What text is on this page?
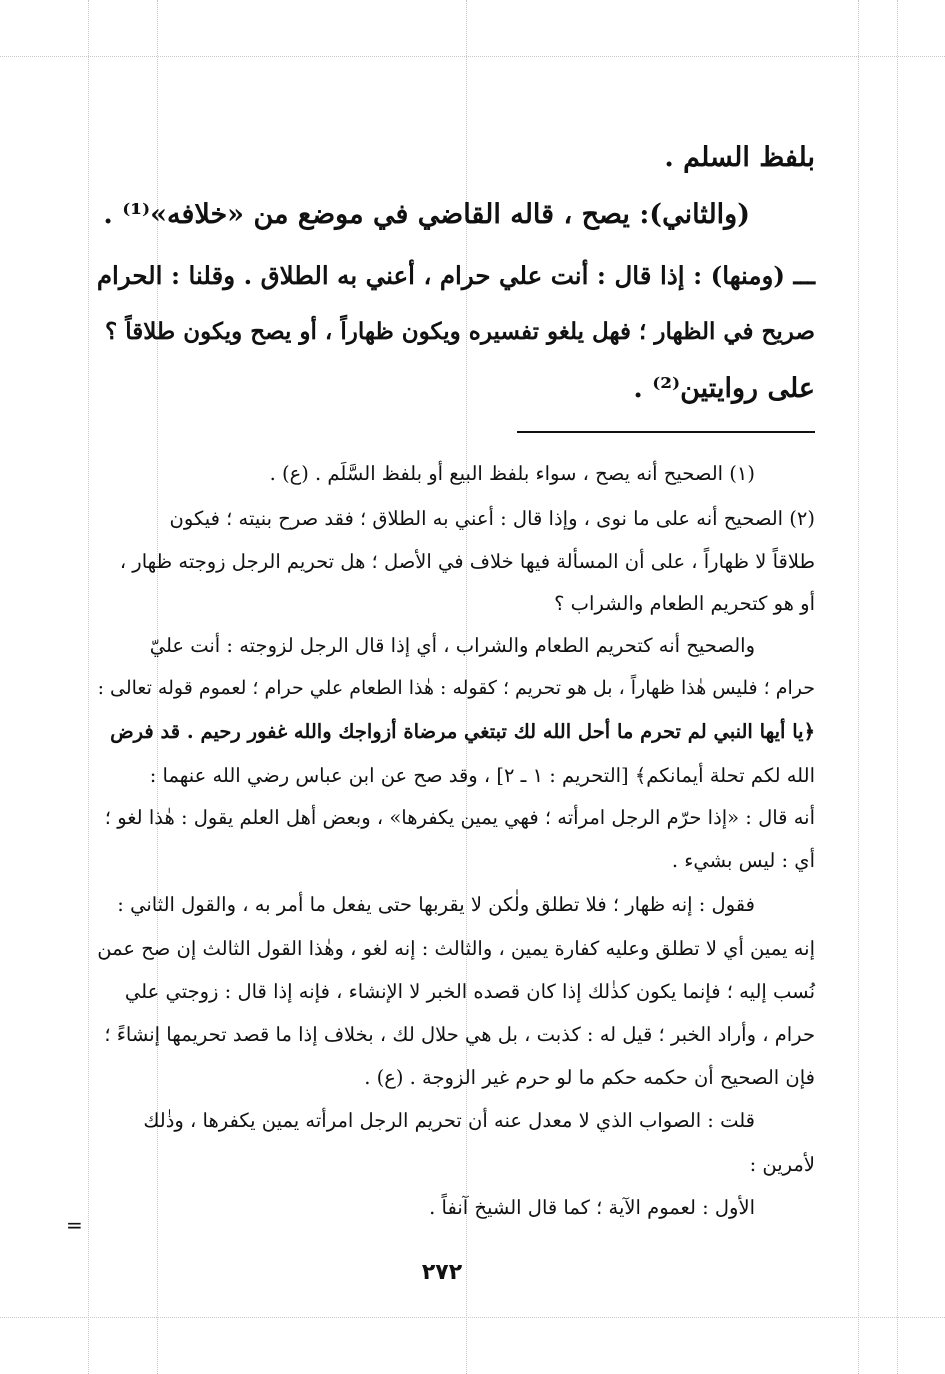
بلفظ السلم .
(والثاني): يصح ، قاله القاضي في موضع من «خلافه»⁽¹⁾ .
ـــ (ومنها) : إذا قال : أنت علي حرام ، أعني به الطلاق . وقلنا : الحرام
صريح في الظهار ؛ فهل يلغو تفسيره ويكون ظهاراً ، أو يصح ويكون طلاقاً ؟
على روايتين⁽²⁾ .
(١) الصحيح أنه يصح ، سواء بلفظ البيع أو بلفظ السَّلَم . (ع) .
(٢) الصحيح أنه على ما نوى ، وإذا قال : أعني به الطلاق ؛ فقد صرح بنيته ؛ فيكون
طلاقاً لا ظهاراً ، على أن المسألة فيها خلاف في الأصل ؛ هل تحريم الرجل زوجته ظهار ،
أو هو كتحريم الطعام والشراب ؟
والصحيح أنه كتحريم الطعام والشراب ، أي إذا قال الرجل لزوجته : أنت عليّ
حرام ؛ فليس هٰذا ظهاراً ، بل هو تحريم ؛ كقوله : هٰذا الطعام علي حرام ؛ لعموم قوله تعالى :
﴿يا أيها النبي لم تحرم ما أحل الله لك تبتغي مرضاة أزواجك والله غفور رحيم . قد فرض
الله لكم تحلة أيمانكم﴾ [التحريم : ١ ـ ٢] ، وقد صح عن ابن عباس رضي الله عنهما :
أنه قال : «إذا حرّم الرجل امرأته ؛ فهي يمين يكفرها» ، وبعض أهل العلم يقول : هٰذا لغو ؛
أي : ليس بشيء .
فقول : إنه ظهار ؛ فلا تطلق ولٰكن لا يقربها حتى يفعل ما أمر به ، والقول الثاني :
إنه يمين أي لا تطلق وعليه كفارة يمين ، والثالث : إنه لغو ، وهٰذا القول الثالث إن صح عمن
نُسب إليه ؛ فإنما يكون كذٰلك إذا كان قصده الخبر لا الإنشاء ، فإنه إذا قال : زوجتي علي
حرام ، وأراد الخبر ؛ قيل له : كذبت ، بل هي حلال لك ، بخلاف إذا ما قصد تحريمها إنشاءً ؛
فإن الصحيح أن حكمه حكم ما لو حرم غير الزوجة . (ع) .
قلت : الصواب الذي لا معدل عنه أن تحريم الرجل امرأته يمين يكفرها ، وذٰلك
لأمرين :
الأول : لعموم الآية ؛ كما قال الشيخ آنفاً .
=
٢٧٢
